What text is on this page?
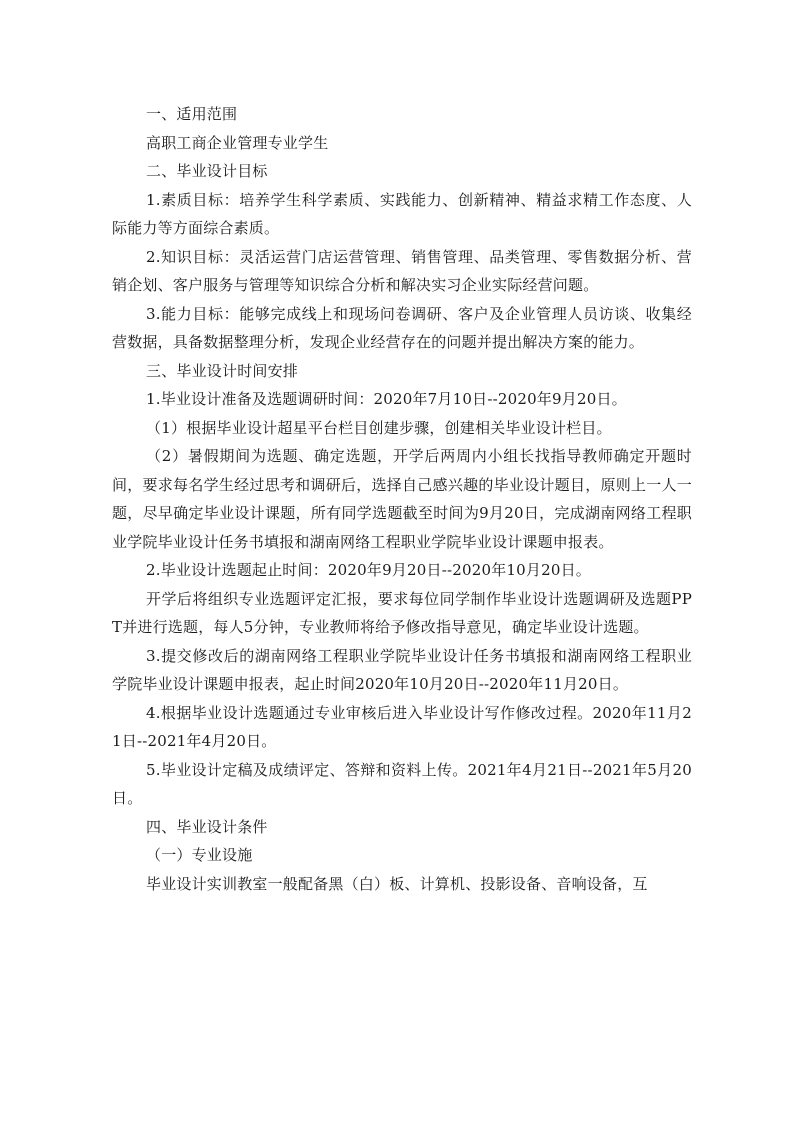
一、适用范围

高职工商企业管理专业学生

二、毕业设计目标

1.素质目标：培养学生科学素质、实践能力、创新精神、精益求精工作态度、人际能力等方面综合素质。

2.知识目标：灵活运营门店运营管理、销售管理、品类管理、零售数据分析、营销企划、客户服务与管理等知识综合分析和解决实习企业实际经营问题。

3.能力目标：能够完成线上和现场问卷调研、客户及企业管理人员访谈、收集经营数据，具备数据整理分析，发现企业经营存在的问题并提出解决方案的能力。

三、毕业设计时间安排

1.毕业设计准备及选题调研时间：2020年7月10日--2020年9月20日。

（1）根据毕业设计超星平台栏目创建步骤，创建相关毕业设计栏目。

（2）暑假期间为选题、确定选题，开学后两周内小组长找指导教师确定开题时间，要求每名学生经过思考和调研后，选择自己感兴趣的毕业设计题目，原则上一人一题，尽早确定毕业设计课题，所有同学选题截至时间为9月20日，完成湖南网络工程职业学院毕业设计任务书填报和湖南网络工程职业学院毕业设计课题申报表。

2.毕业设计选题起止时间：2020年9月20日--2020年10月20日。

开学后将组织专业选题评定汇报，要求每位同学制作毕业设计选题调研及选题PPT并进行选题，每人5分钟，专业教师将给予修改指导意见，确定毕业设计选题。

3.提交修改后的湖南网络工程职业学院毕业设计任务书填报和湖南网络工程职业学院毕业设计课题申报表，起止时间2020年10月20日--2020年11月20日。

4.根据毕业设计选题通过专业审核后进入毕业设计写作修改过程。2020年11月21日--2021年4月20日。

5.毕业设计定稿及成绩评定、答辩和资料上传。2021年4月21日--2021年5月20日。

四、毕业设计条件

（一）专业设施

毕业设计实训教室一般配备黑（白）板、计算机、投影设备、音响设备，互
